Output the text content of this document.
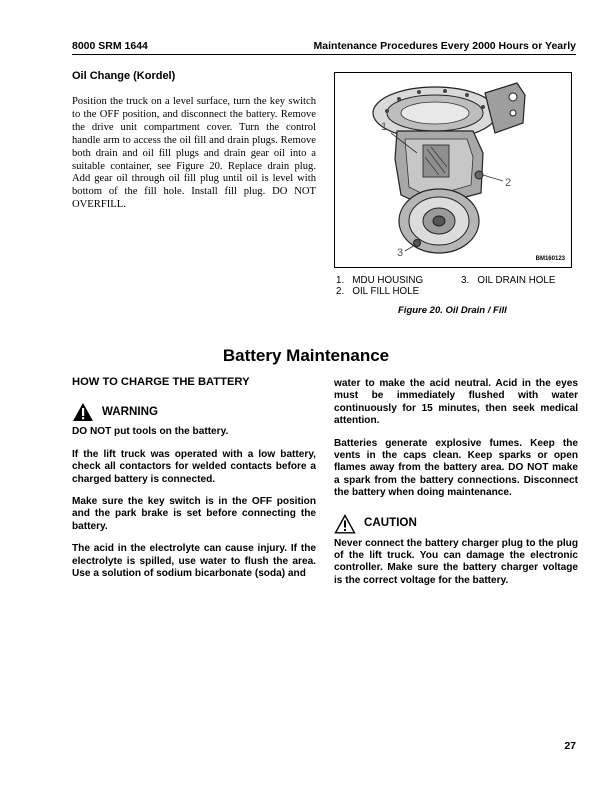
8000 SRM 1644	Maintenance Procedures Every 2000 Hours or Yearly
Oil Change (Kordel)
Position the truck on a level surface, turn the key switch to the OFF position, and disconnect the battery. Remove the drive unit compartment cover. Turn the control handle arm to access the oil fill and drain plugs. Remove both drain and oil fill plugs and drain gear oil into a suitable container, see Figure 20. Replace drain plug. Add gear oil through oil fill plug until oil is level with bottom of the fill hole. Install fill plug. DO NOT OVERFILL.
1
2
3	BM160123
1. MDU HOUSING
2. OIL FILL HOLE
3. OIL DRAIN HOLE
Figure 20. Oil Drain / Fill
Battery Maintenance
HOW TO CHARGE THE BATTERY
WARNING

DO NOT put tools on the battery.

If the lift truck was operated with a low battery, check all contactors for welded contacts before a charged battery is connected.

Make sure the key switch is in the OFF position and the park brake is set before connecting the battery.

The acid in the electrolyte can cause injury. If the electrolyte is spilled, use water to flush the area. Use a solution of sodium bicarbonate (soda) and

water to make the acid neutral. Acid in the eyes must be immediately flushed with water continuously for 15 minutes, then seek medical attention.

Batteries generate explosive fumes. Keep the vents in the caps clean. Keep sparks or open flames away from the battery area. DO NOT make a spark from the battery connections. Disconnect the battery when doing maintenance.

CAUTION

Never connect the battery charger plug to the plug of the lift truck. You can damage the electronic controller. Make sure the battery charger voltage is the correct voltage for the battery.

27
